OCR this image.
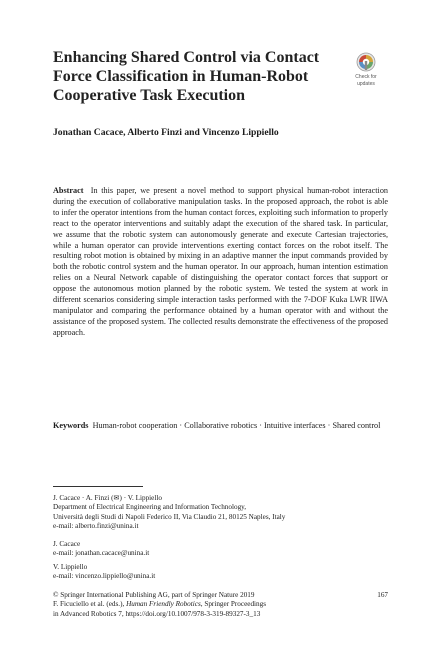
Enhancing Shared Control via Contact Force Classification in Human-Robot Cooperative Task Execution
Check for
updates
Jonathan Cacace, Alberto Finzi and Vincenzo Lippiello
Abstract In this paper, we present a novel method to support physical human-robot interaction during the execution of collaborative manipulation tasks. In the proposed approach, the robot is able to infer the operator intentions from the human contact forces, exploiting such information to properly react to the operator interventions and suitably adapt the execution of the shared task. In particular, we assume that the robotic system can autonomously generate and execute Cartesian trajectories, while a human operator can provide interventions exerting contact forces on the robot itself. The resulting robot motion is obtained by mixing in an adaptive manner the input commands provided by both the robotic control system and the human operator. In our approach, human intention estimation relies on a Neural Network capable of distinguishing the operator contact forces that support or oppose the autonomous motion planned by the robotic system. We tested the system at work in different scenarios considering simple interaction tasks performed with the 7-DOF Kuka LWR IIWA manipulator and comparing the performance obtained by a human operator with and without the assistance of the proposed system. The collected results demonstrate the effectiveness of the proposed approach.
Keywords Human-robot cooperation · Collaborative robotics · Intuitive interfaces · Shared control
J. Cacace · A. Finzi (✉) · V. Lippiello
Department of Electrical Engineering and Information Technology,
Università degli Studi di Napoli Federico II, Via Claudio 21, 80125 Naples, Italy
e-mail: alberto.finzi@unina.it
J. Cacace
e-mail: jonathan.cacace@unina.it
V. Lippiello
e-mail: vincenzo.lippiello@unina.it
© Springer International Publishing AG, part of Springer Nature 2019	167
F. Ficuciello et al. (eds.), Human Friendly Robotics, Springer Proceedings
in Advanced Robotics 7, https://doi.org/10.1007/978-3-319-89327-3_13
